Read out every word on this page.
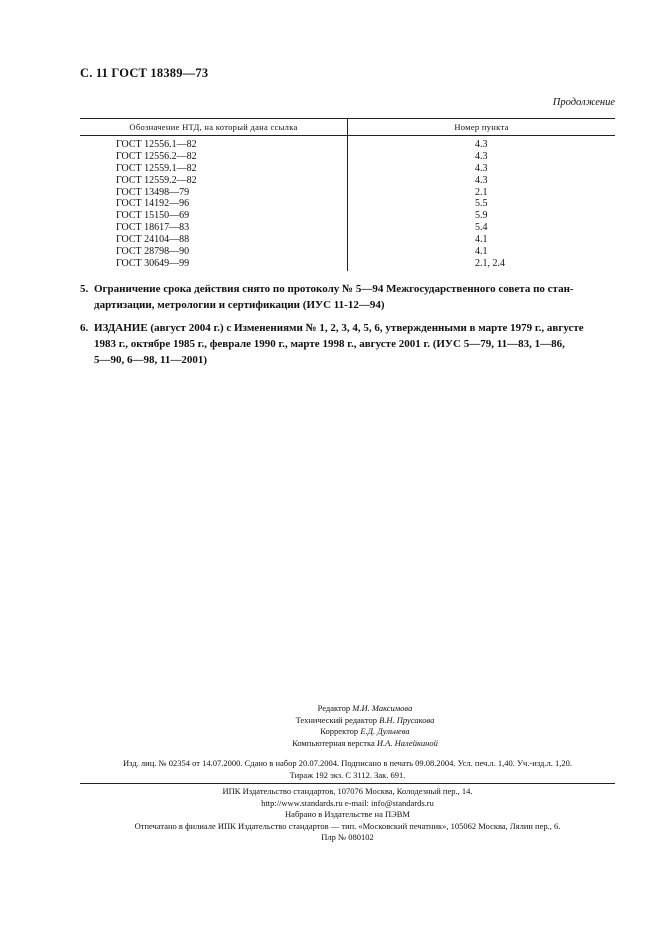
С. 11 ГОСТ 18389—73
Продолжение
Обозначение НТД, на который дана ссылка	Номер пункта
ГОСТ 12556.1—82	4.3
ГОСТ 12556.2—82	4.3
ГОСТ 12559.1—82	4.3
ГОСТ 12559.2—82	4.3
ГОСТ 13498—79	2.1
ГОСТ 14192—96	5.5
ГОСТ 15150—69	5.9
ГОСТ 18617—83	5.4
ГОСТ 24104—88	4.1
ГОСТ 28798—90	4.1
ГОСТ 30649—99	2.1, 2.4
5. Ограничение срока действия снято по протоколу № 5—94 Межгосударственного совета по стан-
дартизации, метрологии и сертификации (ИУС 11-12—94)
6. ИЗДАНИЕ (август 2004 г.) с Изменениями № 1, 2, 3, 4, 5, 6, утвержденными в марте 1979 г., августе
1983 г., октябре 1985 г., феврале 1990 г., марте 1998 г., августе 2001 г. (ИУС 5—79, 11—83, 1—86,
5—90, 6—98, 11—2001)
Редактор М.И. Максимова
Технический редактор В.Н. Прусакова
Корректор Е.Д. Дульнева
Компьютерная верстка И.А. Налейкиной
Изд. лиц. № 02354 от 14.07.2000. Сдано в набор 20.07.2004. Подписано в печать 09.08.2004. Усл. печ.л. 1,40. Уч.-изд.л. 1,20.
Тираж 192 экз. С 3112. Зак. 691.
ИПК Издательство стандартов, 107076 Москва, Колодезный пер., 14.
http://www.standards.ru e-mail: info@standards.ru
Набрано в Издательстве на ПЭВМ
Отпечатано в филиале ИПК Издательство стандартов — тип. «Московский печатник», 105062 Москва, Лялин пер., 6.
Плр № 080102
